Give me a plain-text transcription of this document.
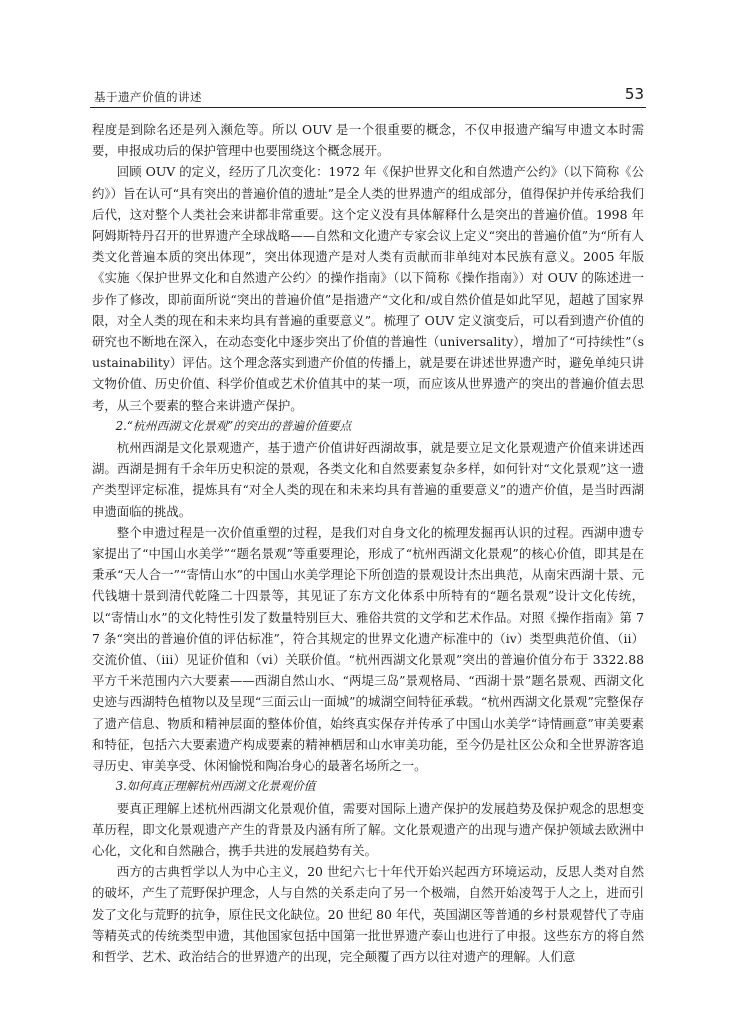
基于遗产价值的讲述	53

程度是到除名还是列入濒危等。所以 OUV 是一个很重要的概念，不仅申报遗产编写申遗文本时需要，申报成功后的保护管理中也要围绕这个概念展开。

回顾 OUV 的定义，经历了几次变化：1972 年《保护世界文化和自然遗产公约》（以下简称《公约》）旨在认可“具有突出的普遍价值的遗址”是全人类的世界遗产的组成部分，值得保护并传承给我们后代，这对整个人类社会来讲都非常重要。这个定义没有具体解释什么是突出的普遍价值。1998 年阿姆斯特丹召开的世界遗产全球战略——自然和文化遗产专家会议上定义“突出的普遍价值”为“所有人类文化普遍本质的突出体现”，突出体现遗产是对人类有贡献而非单纯对本民族有意义。2005 年版《实施〈保护世界文化和自然遗产公约〉的操作指南》（以下简称《操作指南》）对 OUV 的陈述进一步作了修改，即前面所说“突出的普遍价值”是指遗产“文化和/或自然价值是如此罕见，超越了国家界限，对全人类的现在和未来均具有普遍的重要意义”。梳理了 OUV 定义演变后，可以看到遗产价值的研究也不断地在深入，在动态变化中逐步突出了价值的普遍性（universality），增加了“可持续性”（sustainability）评估。这个理念落实到遗产价值的传播上，就是要在讲述世界遗产时，避免单纯只讲文物价值、历史价值、科学价值或艺术价值其中的某一项，而应该从世界遗产的突出的普遍价值去思考，从三个要素的整合来讲遗产保护。

2.“杭州西湖文化景观”的突出的普遍价值要点

杭州西湖是文化景观遗产，基于遗产价值讲好西湖故事，就是要立足文化景观遗产价值来讲述西湖。西湖是拥有千余年历史积淀的景观，各类文化和自然要素复杂多样，如何针对“文化景观”这一遗产类型评定标准，提炼具有“对全人类的现在和未来均具有普遍的重要意义”的遗产价值，是当时西湖申遗面临的挑战。

整个申遗过程是一次价值重塑的过程，是我们对自身文化的梳理发掘再认识的过程。西湖申遗专家提出了“中国山水美学”“题名景观”等重要理论，形成了“杭州西湖文化景观”的核心价值，即其是在秉承“天人合一”“寄情山水”的中国山水美学理论下所创造的景观设计杰出典范，从南宋西湖十景、元代钱塘十景到清代乾隆二十四景等，其见证了东方文化体系中所特有的“题名景观”设计文化传统，以“寄情山水”的文化特性引发了数量特别巨大、雅俗共赏的文学和艺术作品。对照《操作指南》第 77 条“突出的普遍价值的评估标准”，符合其规定的世界文化遗产标准中的（iv）类型典范价值、（ii）交流价值、（iii）见证价值和（vi）关联价值。“杭州西湖文化景观”突出的普遍价值分布于 3322.88 平方千米范围内六大要素——西湖自然山水、“两堤三岛”景观格局、“西湖十景”题名景观、西湖文化史迹与西湖特色植物以及呈现“三面云山一面城”的城湖空间特征承载。“杭州西湖文化景观”完整保存了遗产信息、物质和精神层面的整体价值，始终真实保存并传承了中国山水美学“诗情画意”审美要素和特征，包括六大要素遗产构成要素的精神栖居和山水审美功能，至今仍是社区公众和全世界游客追寻历史、审美享受、休闲愉悦和陶冶身心的最著名场所之一。

3.如何真正理解杭州西湖文化景观价值

要真正理解上述杭州西湖文化景观价值，需要对国际上遗产保护的发展趋势及保护观念的思想变革历程，即文化景观遗产产生的背景及内涵有所了解。文化景观遗产的出现与遗产保护领域去欧洲中心化，文化和自然融合，携手共进的发展趋势有关。

西方的古典哲学以人为中心主义，20 世纪六七十年代开始兴起西方环境运动，反思人类对自然的破坏，产生了荒野保护理念，人与自然的关系走向了另一个极端，自然开始凌驾于人之上，进而引发了文化与荒野的抗争，原住民文化缺位。20 世纪 80 年代，英国湖区等普通的乡村景观替代了寺庙等精英式的传统类型申遗，其他国家包括中国第一批世界遗产泰山也进行了申报。这些东方的将自然和哲学、艺术、政治结合的世界遗产的出现，完全颠覆了西方以往对遗产的理解。人们意
